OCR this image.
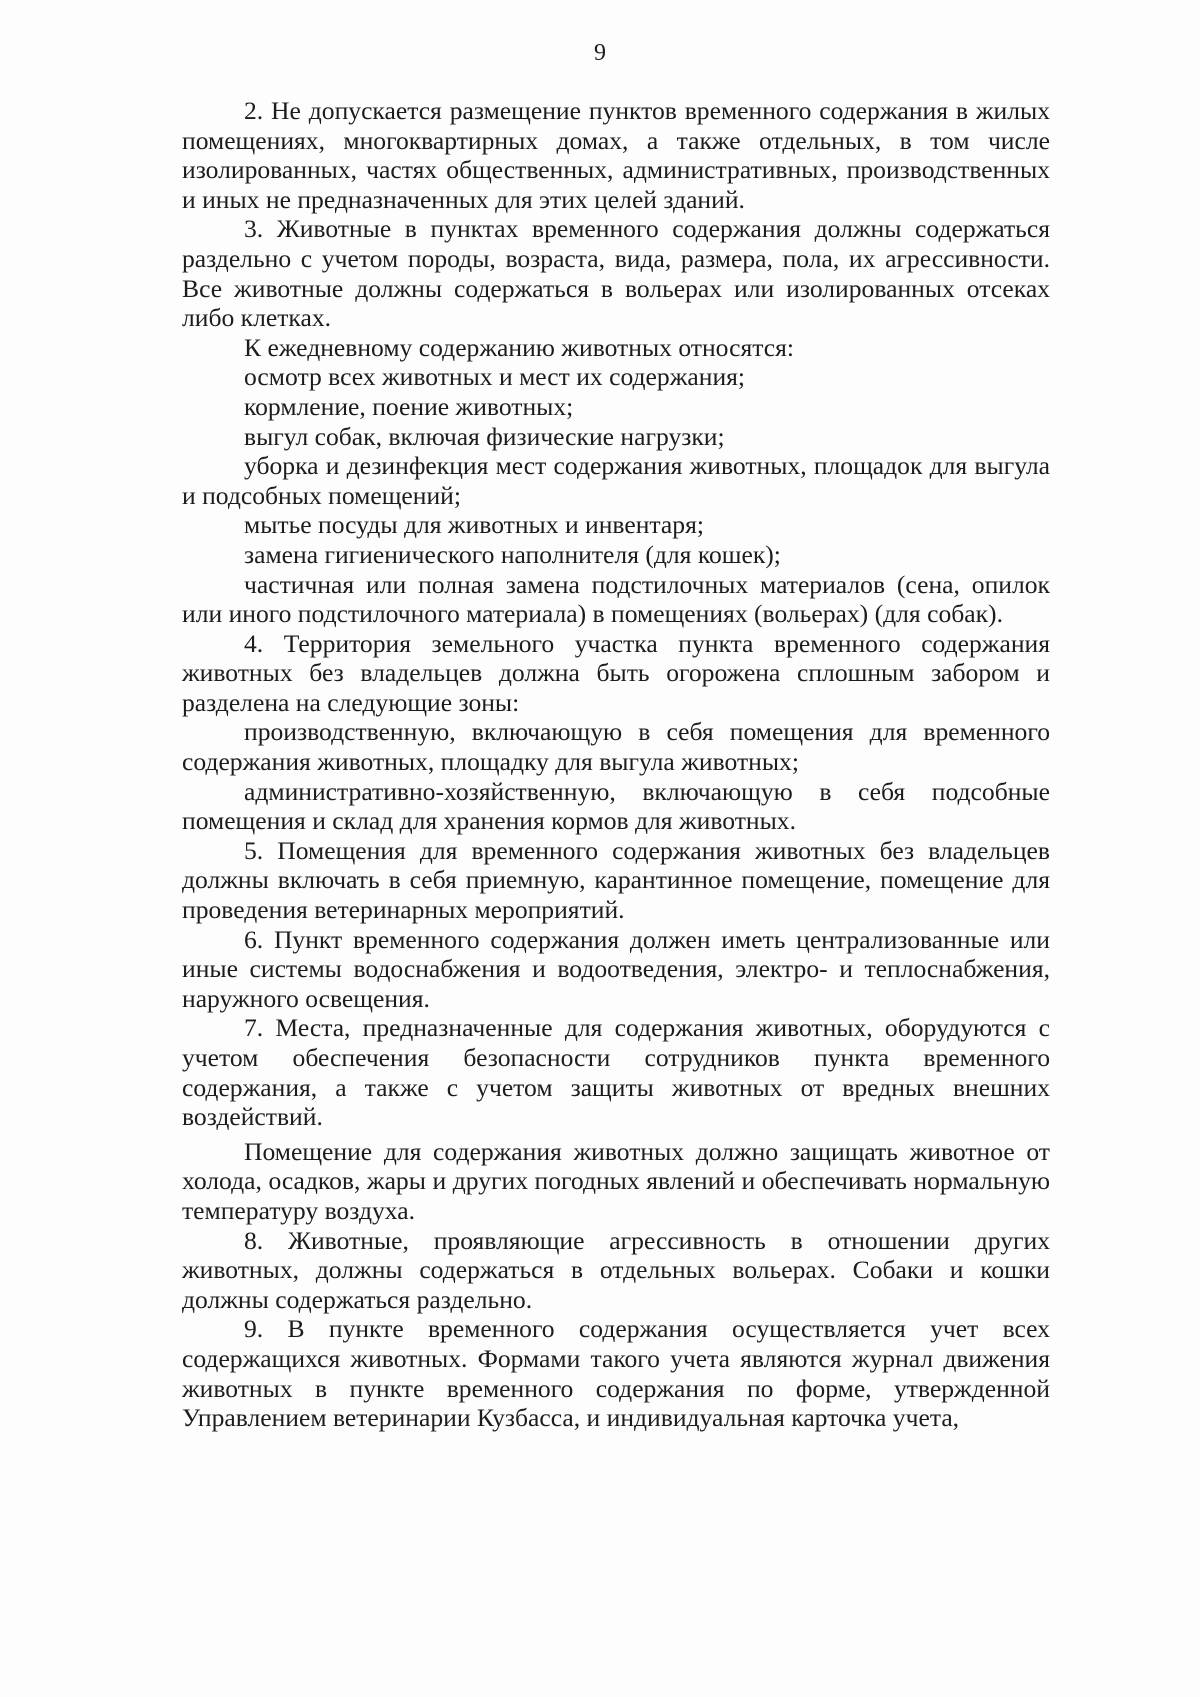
9

2. Не допускается размещение пунктов временного содержания в жилых помещениях, многоквартирных домах, а также отдельных, в том числе изолированных, частях общественных, административных, производственных и иных не предназначенных для этих целей зданий.

3. Животные в пунктах временного содержания должны содержаться раздельно с учетом породы, возраста, вида, размера, пола, их агрессивности. Все животные должны содержаться в вольерах или изолированных отсеках либо клетках.

К ежедневному содержанию животных относятся:

осмотр всех животных и мест их содержания;

кормление, поение животных;

выгул собак, включая физические нагрузки;

уборка и дезинфекция мест содержания животных, площадок для выгула и подсобных помещений;

мытье посуды для животных и инвентаря;

замена гигиенического наполнителя (для кошек);

частичная или полная замена подстилочных материалов (сена, опилок или иного подстилочного материала) в помещениях (вольерах) (для собак).

4. Территория земельного участка пункта временного содержания животных без владельцев должна быть огорожена сплошным забором и разделена на следующие зоны:

производственную, включающую в себя помещения для временного содержания животных, площадку для выгула животных;

административно-хозяйственную, включающую в себя подсобные помещения и склад для хранения кормов для животных.

5. Помещения для временного содержания животных без владельцев должны включать в себя приемную, карантинное помещение, помещение для проведения ветеринарных мероприятий.

6. Пункт временного содержания должен иметь централизованные или иные системы водоснабжения и водоотведения, электро- и теплоснабжения, наружного освещения.

7. Места, предназначенные для содержания животных, оборудуются с учетом обеспечения безопасности сотрудников пункта временного содержания, а также с учетом защиты животных от вредных внешних воздействий.

Помещение для содержания животных должно защищать животное от холода, осадков, жары и других погодных явлений и обеспечивать нормальную температуру воздуха.

8. Животные, проявляющие агрессивность в отношении других животных, должны содержаться в отдельных вольерах. Собаки и кошки должны содержаться раздельно.

9. В пункте временного содержания осуществляется учет всех содержащихся животных. Формами такого учета являются журнал движения животных в пункте временного содержания по форме, утвержденной Управлением ветеринарии Кузбасса, и индивидуальная карточка учета,
